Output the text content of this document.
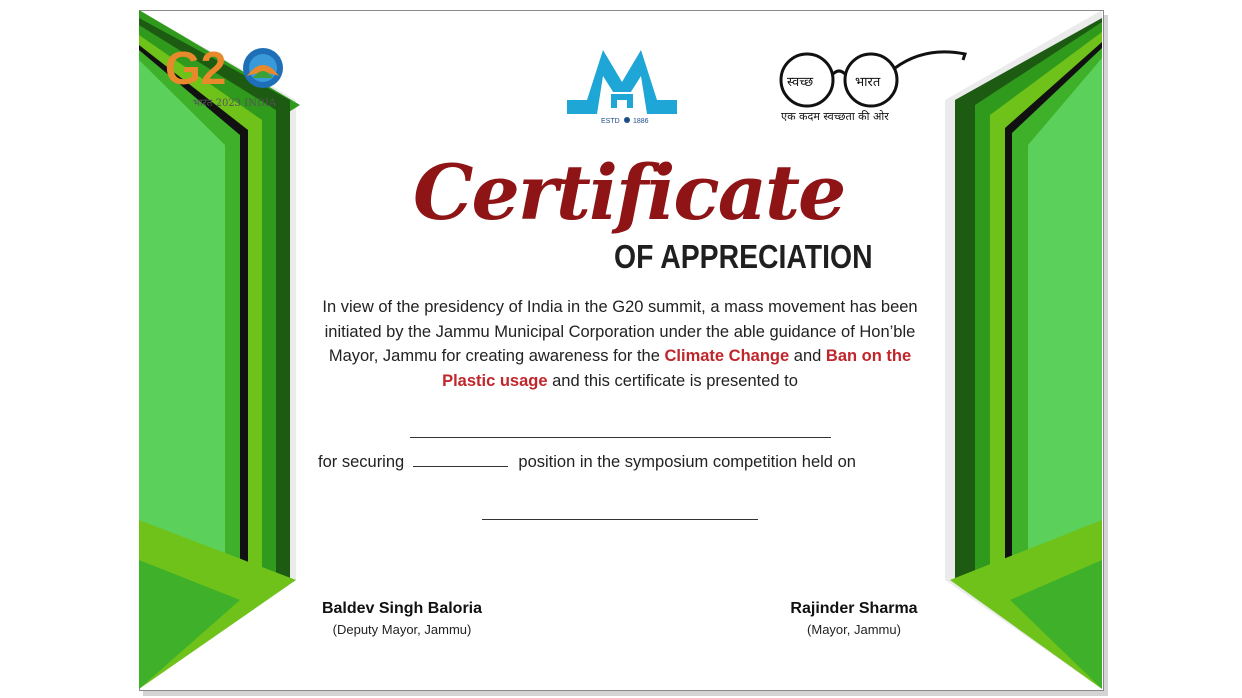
G2
भारत 2023 INDIA
ESTD 1886
स्वच्छ	भारत
एक कदम स्वच्छता की ओर
Certificate
OF APPRECIATION
In view of the presidency of India in the G20 summit, a mass movement has been initiated by the Jammu Municipal Corporation under the able guidance of Hon’ble Mayor, Jammu for creating awareness for the Climate Change and Ban on the Plastic usage and this certificate is presented to
for securing	position in the symposium competition held on
Baldev Singh Baloria
(Deputy Mayor, Jammu)
Rajinder Sharma
(Mayor, Jammu)
